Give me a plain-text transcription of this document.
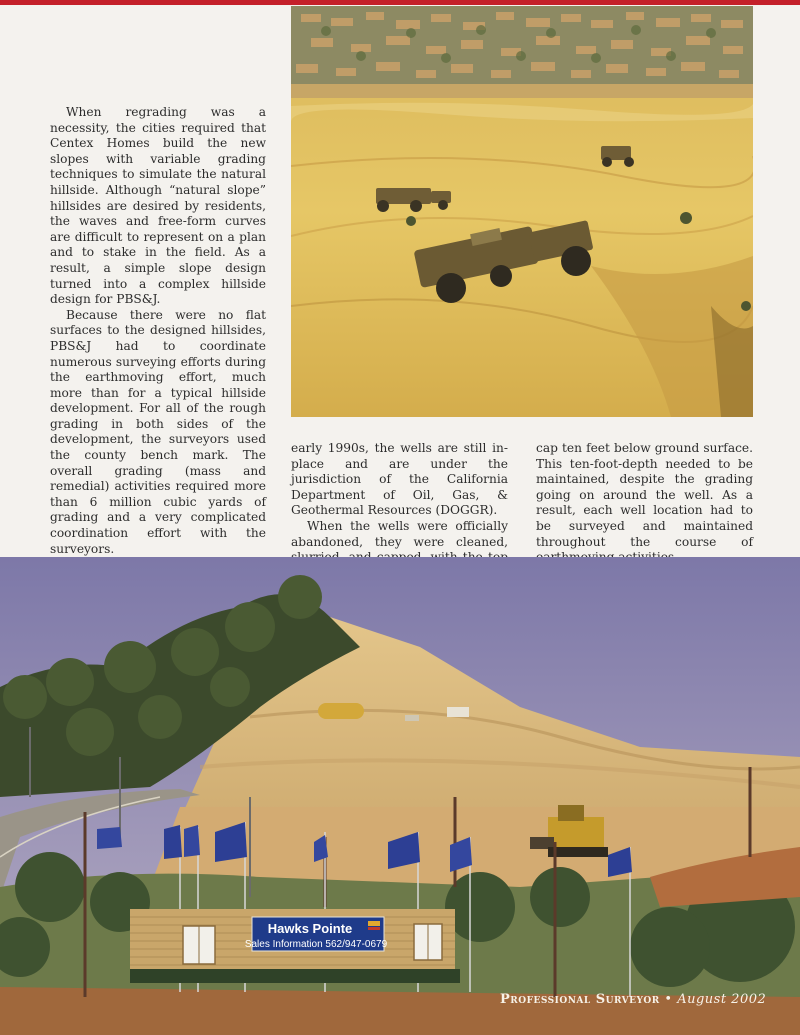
When regrading was a necessity, the cities required that Centex Homes build the new slopes with variable grading techniques to simulate the natural hillside. Although “natural slope” hillsides are desired by residents, the waves and free-form curves are difficult to represent on a plan and to stake in the field. As a result, a simple slope design turned into a complex hillside design for PBS&J.

Because there were no flat surfaces to the designed hillsides, PBS&J had to coordinate numerous surveying efforts during the earthmoving effort, much more than for a typical hillside development. For all of the rough grading in both sides of the development, the surveyors used the county bench mark. The overall grading (mass and remedial) activities required more than 6 million cubic yards of grading and a very complicated coordination effort with the surveyors.

early 1990s, the wells are still in-place and are under the jurisdiction of the California Department of Oil, Gas, & Geothermal Resources (DOGGR).

When the wells were officially abandoned, they were cleaned,

cap ten feet below ground surface. This ten-foot-depth needed to be maintained, despite the grading going on around the well. As a result, each well location had to be surveyed and maintained throughout the course of

Hawks Pointe
Sales Information 562/947-0679
Professional Surveyor • August 2002
